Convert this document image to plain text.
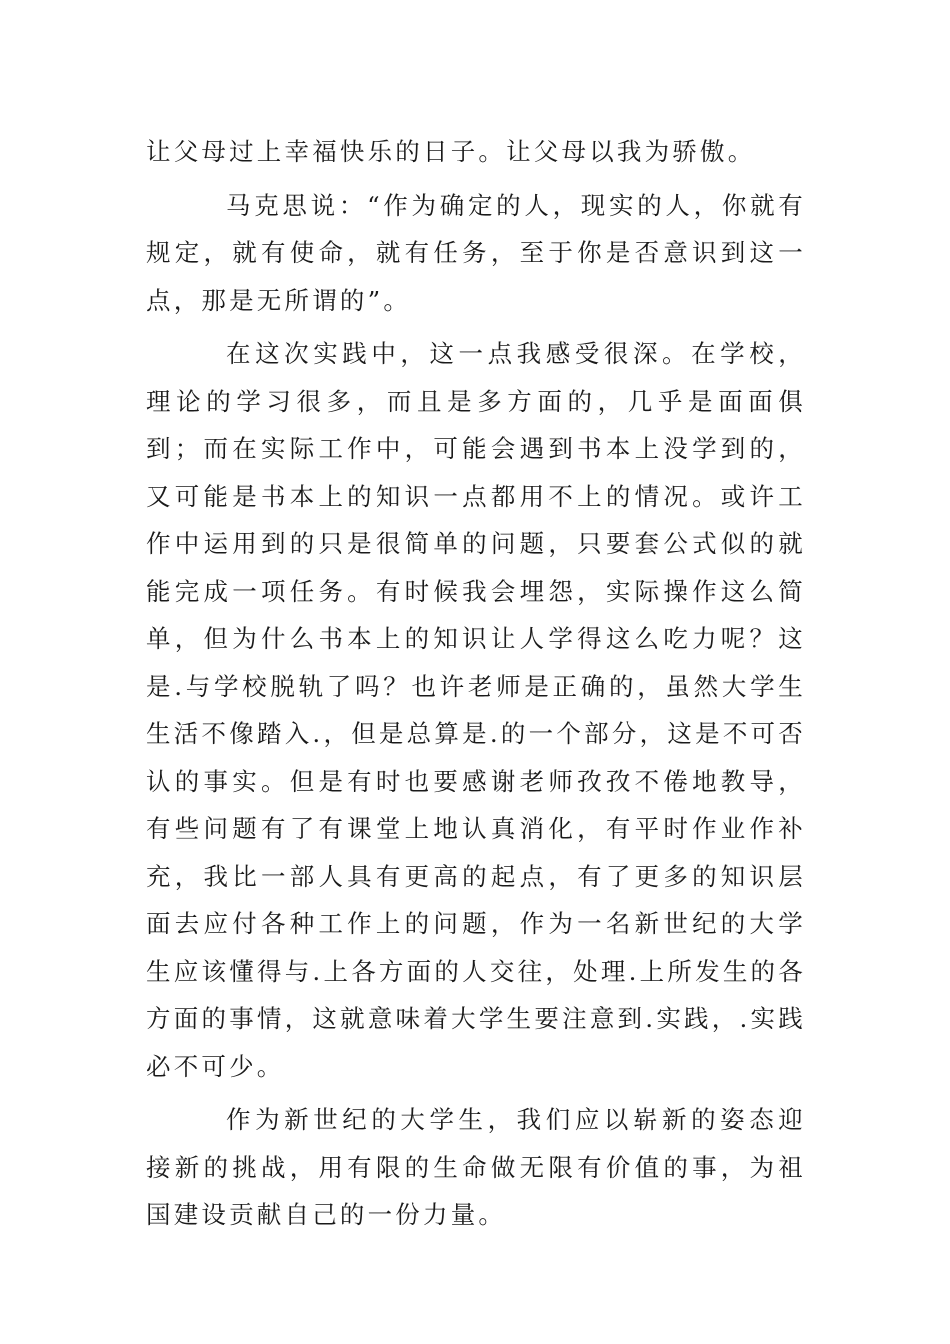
让父母过上幸福快乐的日子。让父母以我为骄傲。

马克思说：“作为确定的人，现实的人，你就有规定，就有使命，就有任务，至于你是否意识到这一点，那是无所谓的”。

在这次实践中，这一点我感受很深。在学校，理论的学习很多，而且是多方面的，几乎是面面俱到；而在实际工作中，可能会遇到书本上没学到的，又可能是书本上的知识一点都用不上的情况。或许工作中运用到的只是很简单的问题，只要套公式似的就能完成一项任务。有时候我会埋怨，实际操作这么简单，但为什么书本上的知识让人学得这么吃力呢？这是.与学校脱轨了吗？也许老师是正确的，虽然大学生生活不像踏入.，但是总算是.的一个部分，这是不可否认的事实。但是有时也要感谢老师孜孜不倦地教导，有些问题有了有课堂上地认真消化，有平时作业作补充，我比一部人具有更高的起点，有了更多的知识层面去应付各种工作上的问题，作为一名新世纪的大学生应该懂得与.上各方面的人交往，处理.上所发生的各方面的事情，这就意味着大学生要注意到.实践，.实践必不可少。

作为新世纪的大学生，我们应以崭新的姿态迎接新的挑战，用有限的生命做无限有价值的事，为祖国建设贡献自己的一份力量。
